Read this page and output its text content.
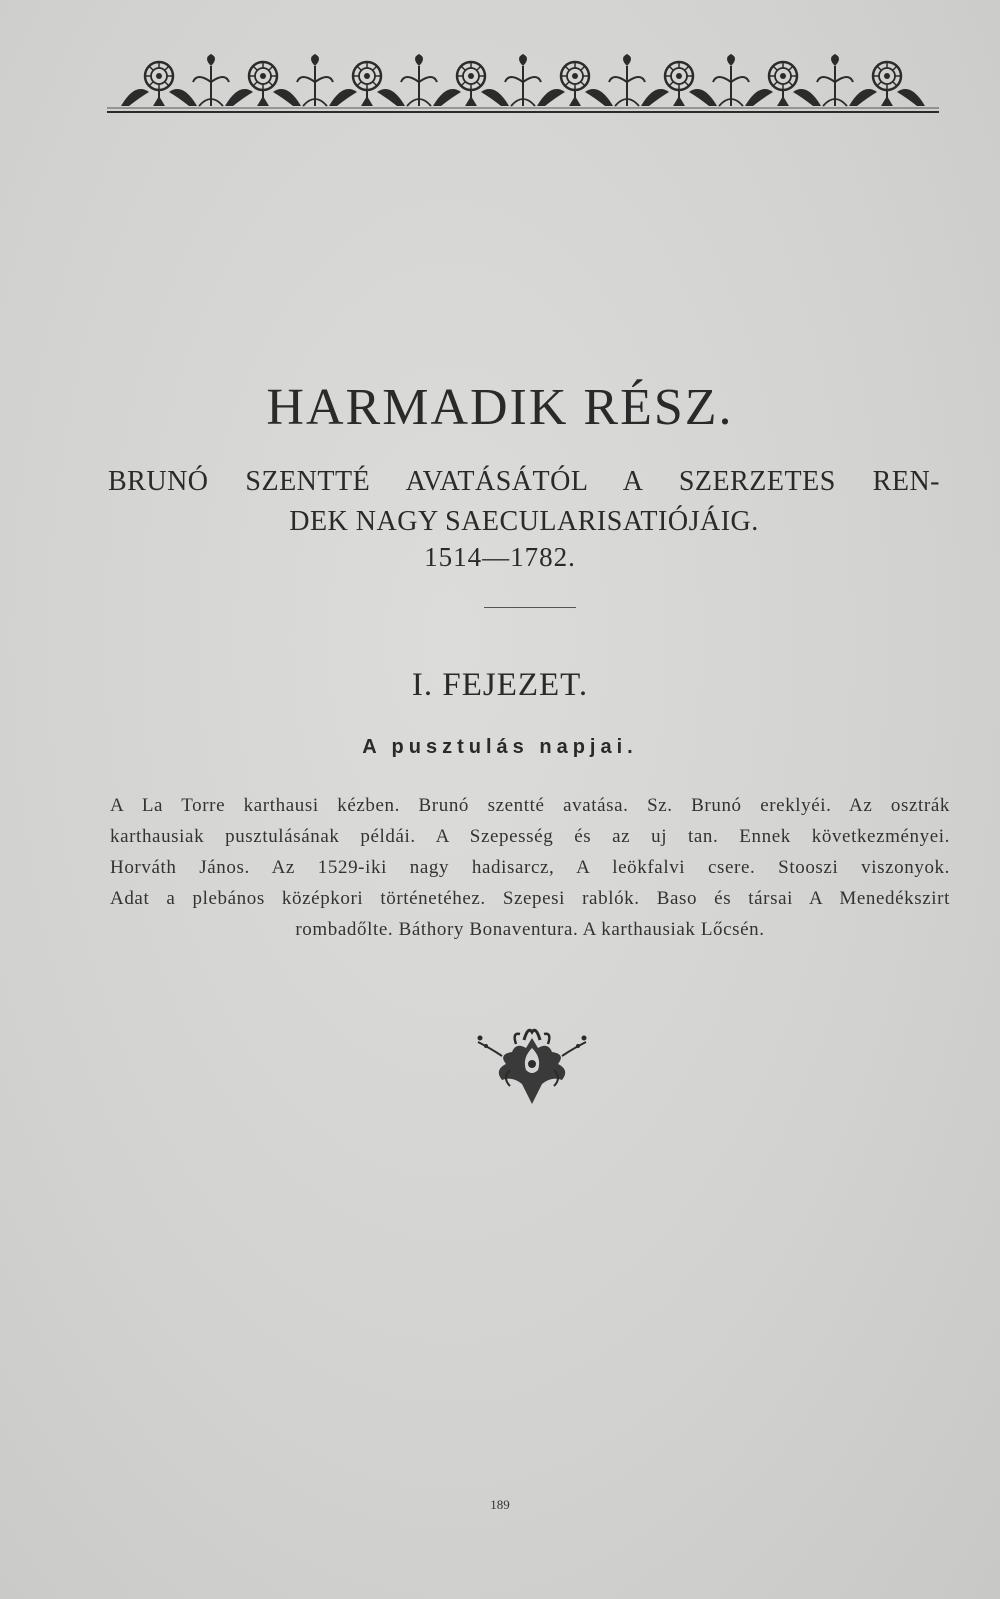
HARMADIK RÉSZ.
BRUNÓ SZENTTÉ AVATÁSÁTÓL A SZERZETES REN-
DEK NAGY SAECULARISATIÓJÁIG.
1514—1782.
I. FEJEZET.
A pusztulás napjai.
A La Torre karthausi kézben. Brunó szentté avatása. Sz. Brunó ereklyéi. Az osztrák
karthausiak pusztulásának példái. A Szepesség és az uj tan. Ennek következményei.
Horváth János. Az 1529-iki nagy hadisarcz, A leökfalvi csere. Stooszi viszonyok.
Adat a plebános középkori történetéhez. Szepesi rablók. Baso és társai A Menedékszirt
rombadőlte. Báthory Bonaventura. A karthausiak Lőcsén.
189
